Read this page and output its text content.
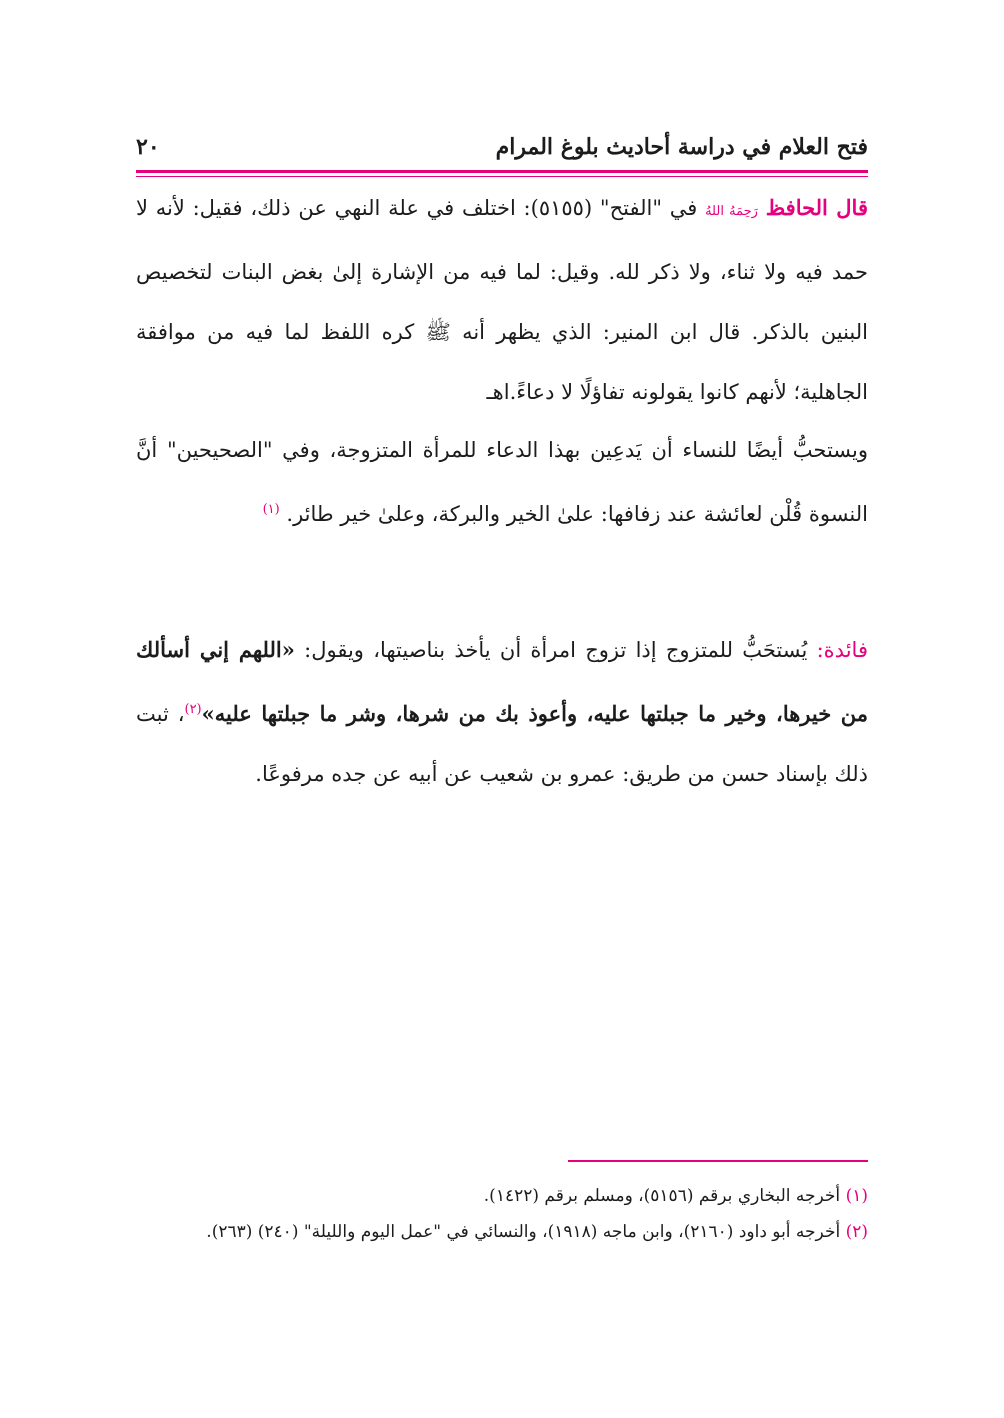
فتح العلام في دراسة أحاديث بلوغ المرام
٢٠
قال الحافظ رَحِمَهُ اللهُ في "الفتح" (٥١٥٥): اختلف في علة النهي عن ذلك، فقيل: لأنه لا حمد فيه ولا ثناء، ولا ذكر لله. وقيل: لما فيه من الإشارة إلىٰ بغض البنات لتخصيص البنين بالذكر. قال ابن المنير: الذي يظهر أنه ﷺ كره اللفظ لما فيه من موافقة الجاهلية؛ لأنهم كانوا يقولونه تفاؤلًا لا دعاءً.اهـ
ويستحبُّ أيضًا للنساء أن يَدعِين بهذا الدعاء للمرأة المتزوجة، وفي "الصحيحين" أنَّ النسوة قُلْن لعائشة عند زفافها: علىٰ الخير والبركة، وعلىٰ خير طائر. $^{(١)}$
فائدة: يُستحَبُّ للمتزوج إذا تزوج امرأة أن يأخذ بناصيتها، ويقول: «اللهم إني أسألك من خيرها، وخير ما جبلتها عليه، وأعوذ بك من شرها، وشر ما جبلتها عليه»$^{(٢)}$، ثبت ذلك بإسناد حسن من طريق: عمرو بن شعيب عن أبيه عن جده مرفوعًا.
(١) أخرجه البخاري برقم (٥١٥٦)، ومسلم برقم (١٤٢٢).
(٢) أخرجه أبو داود (٢١٦٠)، وابن ماجه (١٩١٨)، والنسائي في "عمل اليوم والليلة" (٢٤٠) (٢٦٣).
